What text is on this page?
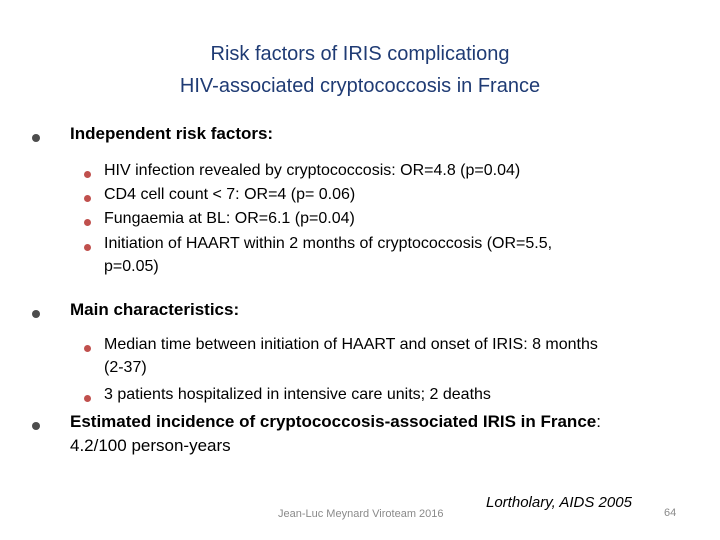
Risk factors of IRIS complicationg
HIV-associated cryptococcosis in France
Independent risk factors:
HIV infection revealed by cryptococcosis: OR=4.8 (p=0.04)
CD4 cell count < 7: OR=4 (p= 0.06)
Fungaemia at BL: OR=6.1 (p=0.04)
Initiation of HAART within 2 months of cryptococcosis (OR=5.5,
p=0.05)
Main characteristics:
Median time between initiation of HAART and onset of IRIS: 8 months
(2-37)
3 patients hospitalized in intensive care units; 2 deaths
Estimated incidence of cryptococcosis-associated IRIS in France:
4.2/100 person-years
Jean-Luc Meynard Viroteam 2016
Lortholary, AIDS 2005
64
